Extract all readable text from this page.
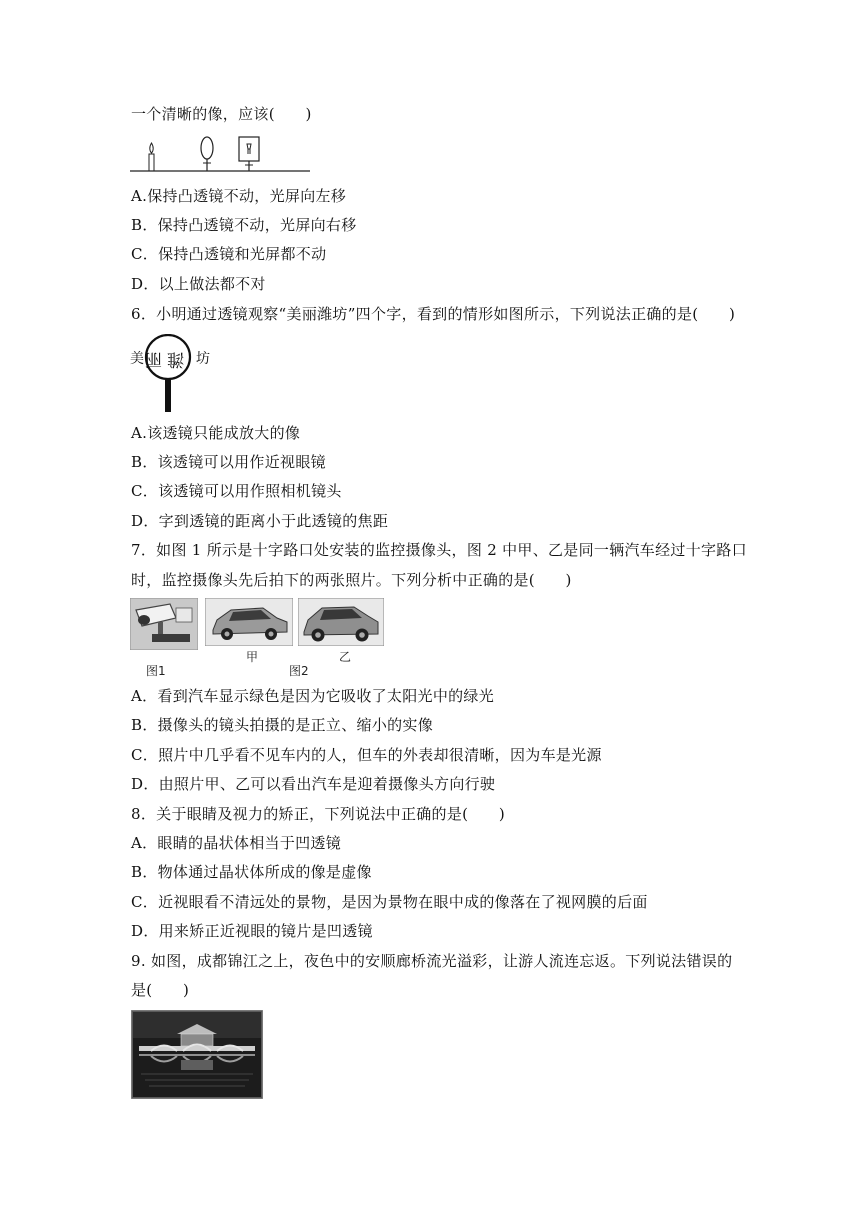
一个清晰的像，应该(　　)
A.保持凸透镜不动，光屏向左移
B．保持凸透镜不动，光屏向右移
C．保持凸透镜和光屏都不动
D．以上做法都不对
6．小明通过透镜观察“美丽潍坊”四个字，看到的情形如图所示，下列说法正确的是(　　)
美 丽 潍 坊
A.该透镜只能成放大的像
B．该透镜可以用作近视眼镜
C．该透镜可以用作照相机镜头
D．字到透镜的距离小于此透镜的焦距
7．如图 1 所示是十字路口处安装的监控摄像头，图 2 中甲、乙是同一辆汽车经过十字路口
时，监控摄像头先后拍下的两张照片。下列分析中正确的是(　　)
图1
甲
图2
乙
A．看到汽车显示绿色是因为它吸收了太阳光中的绿光
B．摄像头的镜头拍摄的是正立、缩小的实像
C．照片中几乎看不见车内的人，但车的外表却很清晰，因为车是光源
D．由照片甲、乙可以看出汽车是迎着摄像头方向行驶
8．关于眼睛及视力的矫正，下列说法中正确的是(　　)
A．眼睛的晶状体相当于凹透镜
B．物体通过晶状体所成的像是虚像
C．近视眼看不清远处的景物，是因为景物在眼中成的像落在了视网膜的后面
D．用来矫正近视眼的镜片是凹透镜
9. 如图，成都锦江之上，夜色中的安顺廊桥流光溢彩，让游人流连忘返。下列说法错误的
是(　　)
